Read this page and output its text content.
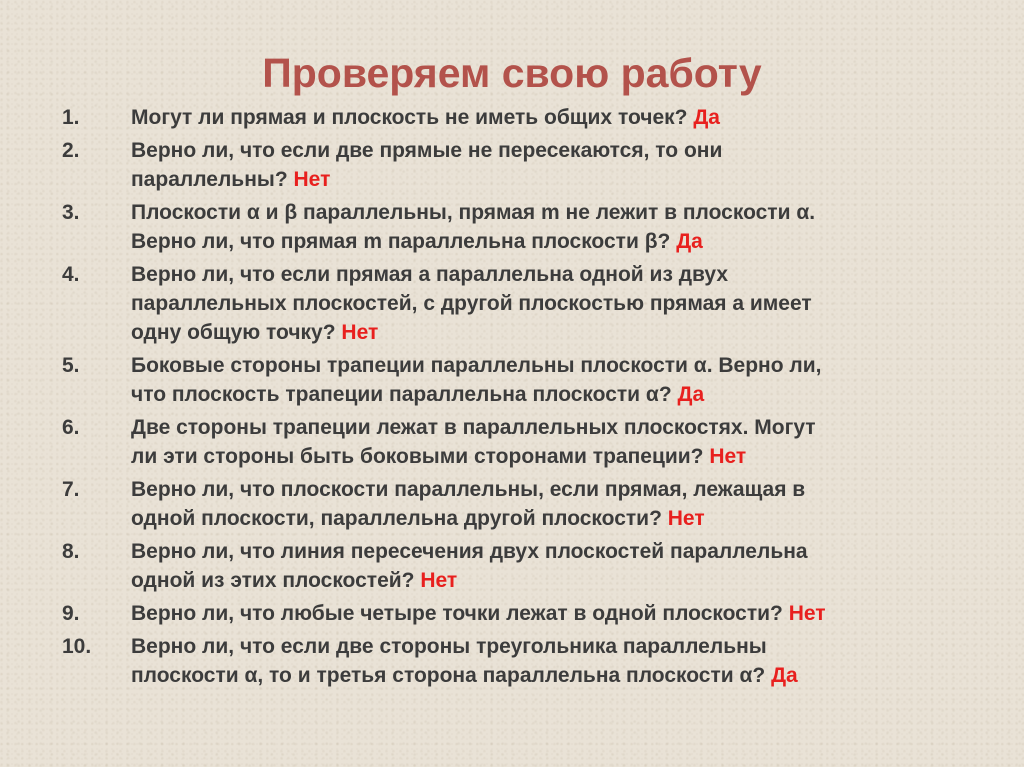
Проверяем свою работу
1.	Могут ли прямая и плоскость не иметь общих точек? Да
2.	Верно ли, что если две прямые не пересекаются, то они
параллельны? Нет
3.	Плоскости α и β параллельны, прямая m не лежит в плоскости α.
Верно ли, что прямая m параллельна плоскости β? Да
4.	Верно ли, что если прямая а параллельна одной из двух
параллельных плоскостей, с другой плоскостью прямая а имеет
одну общую точку? Нет
5.	Боковые стороны трапеции параллельны плоскости α. Верно ли,
что плоскость трапеции параллельна плоскости α? Да
6.	Две стороны трапеции лежат в параллельных плоскостях. Могут
ли эти стороны быть боковыми сторонами трапеции? Нет
7.	Верно ли, что плоскости параллельны, если прямая, лежащая в
одной плоскости, параллельна другой плоскости? Нет
8.	Верно ли, что линия пересечения двух плоскостей параллельна
одной из этих плоскостей? Нет
9.	Верно ли, что любые четыре точки лежат в одной плоскости? Нет
10.	Верно ли, что если две стороны треугольника параллельны
плоскости α, то и третья сторона параллельна плоскости α? Да
